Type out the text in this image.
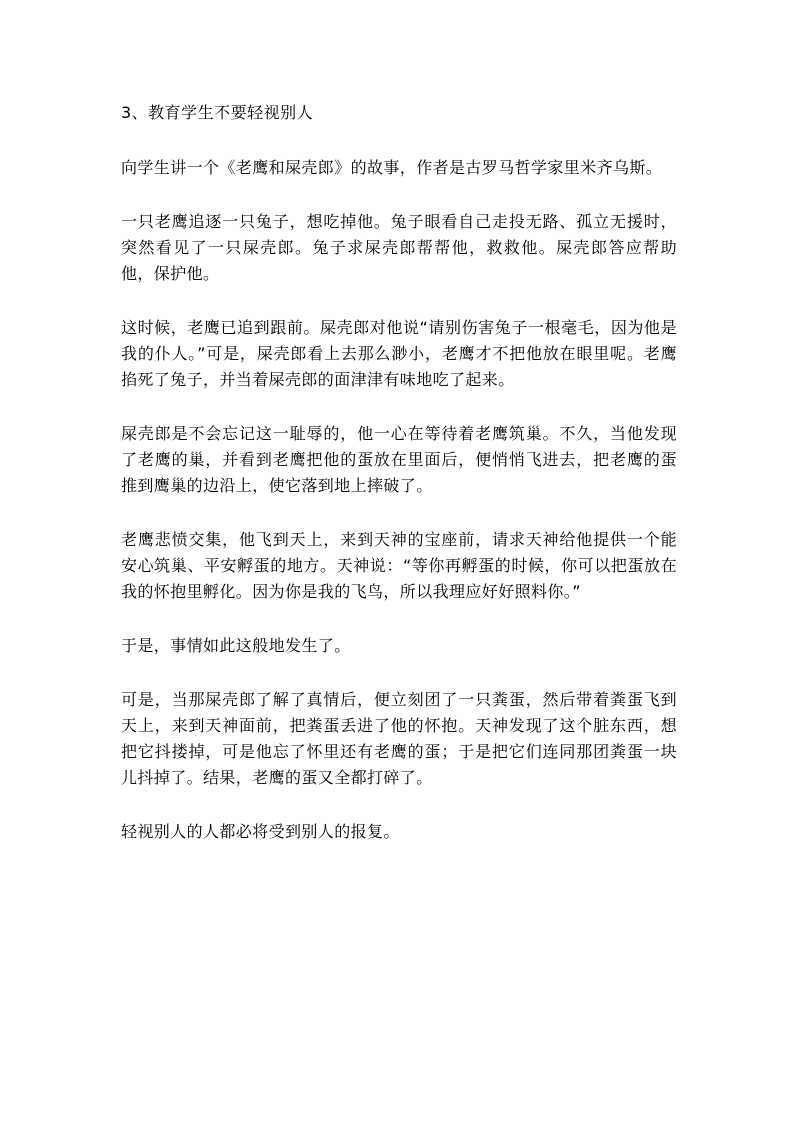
3、教育学生不要轻视别人

向学生讲一个《老鹰和屎壳郎》的故事，作者是古罗马哲学家里米齐乌斯。

一只老鹰追逐一只兔子，想吃掉他。兔子眼看自己走投无路、孤立无援时，突然看见了一只屎壳郎。兔子求屎壳郎帮帮他，救救他。屎壳郎答应帮助他，保护他。

这时候，老鹰已追到跟前。屎壳郎对他说“请别伤害兔子一根毫毛，因为他是我的仆人。”可是，屎壳郎看上去那么渺小，老鹰才不把他放在眼里呢。老鹰掐死了兔子，并当着屎壳郎的面津津有味地吃了起来。

屎壳郎是不会忘记这一耻辱的，他一心在等待着老鹰筑巢。不久，当他发现了老鹰的巢，并看到老鹰把他的蛋放在里面后，便悄悄飞进去，把老鹰的蛋推到鹰巢的边沿上，使它落到地上摔破了。

老鹰悲愤交集，他飞到天上，来到天神的宝座前，请求天神给他提供一个能安心筑巢、平安孵蛋的地方。天神说：“等你再孵蛋的时候，你可以把蛋放在我的怀抱里孵化。因为你是我的飞鸟，所以我理应好好照料你。”

于是，事情如此这般地发生了。

可是，当那屎壳郎了解了真情后，便立刻团了一只粪蛋，然后带着粪蛋飞到天上，来到天神面前，把粪蛋丢进了他的怀抱。天神发现了这个脏东西，想把它抖搂掉，可是他忘了怀里还有老鹰的蛋；于是把它们连同那团粪蛋一块儿抖掉了。结果，老鹰的蛋又全都打碎了。

轻视别人的人都必将受到别人的报复。
